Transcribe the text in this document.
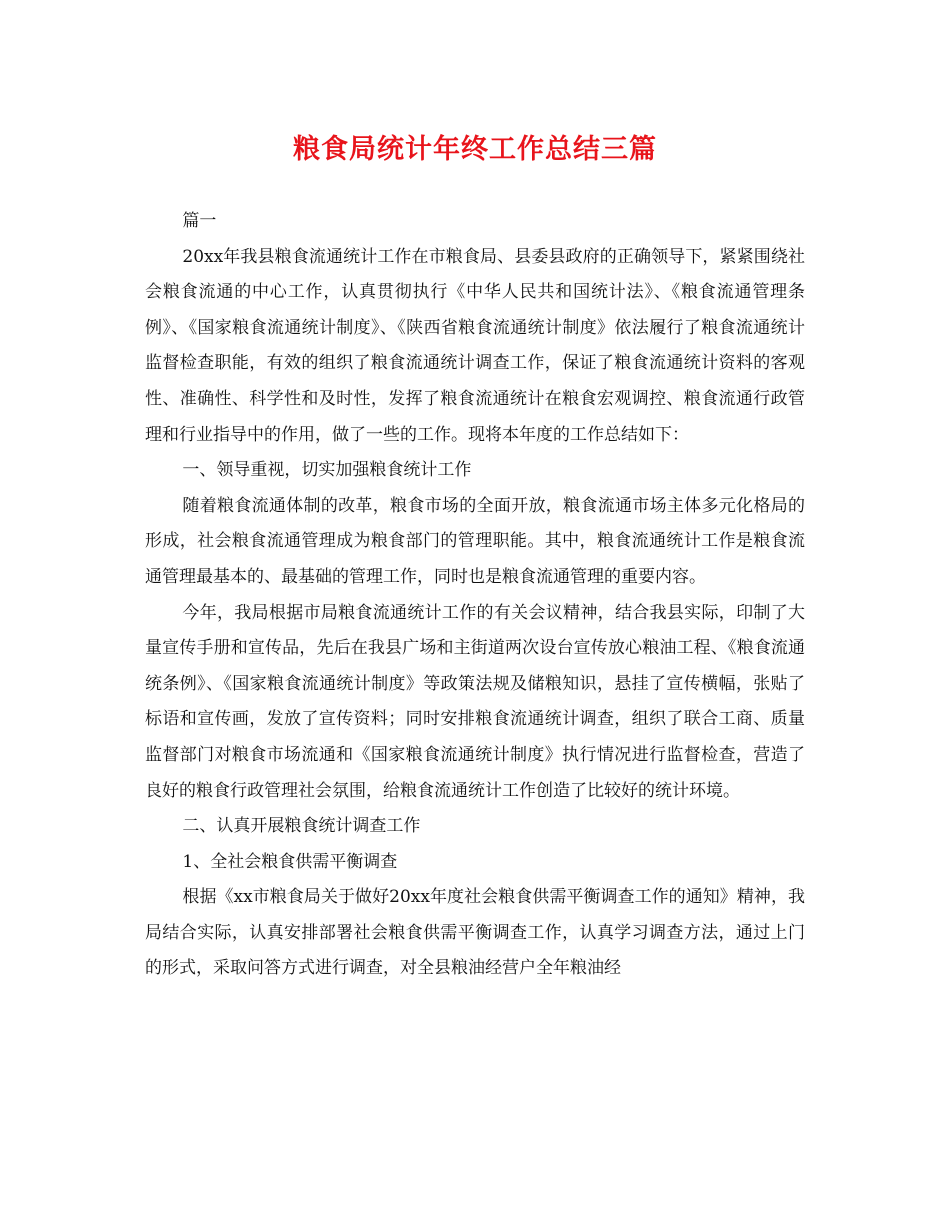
粮食局统计年终工作总结三篇

篇一

20xx年我县粮食流通统计工作在市粮食局、县委县政府的正确领导下，紧紧围绕社会粮食流通的中心工作，认真贯彻执行《中华人民共和国统计法》、《粮食流通管理条例》、《国家粮食流通统计制度》、《陕西省粮食流通统计制度》依法履行了粮食流通统计监督检查职能，有效的组织了粮食流通统计调查工作，保证了粮食流通统计资料的客观性、准确性、科学性和及时性，发挥了粮食流通统计在粮食宏观调控、粮食流通行政管理和行业指导中的作用，做了一些的工作。现将本年度的工作总结如下：

一、领导重视，切实加强粮食统计工作

随着粮食流通体制的改革，粮食市场的全面开放，粮食流通市场主体多元化格局的形成，社会粮食流通管理成为粮食部门的管理职能。其中，粮食流通统计工作是粮食流通管理最基本的、最基础的管理工作，同时也是粮食流通管理的重要内容。

今年，我局根据市局粮食流通统计工作的有关会议精神，结合我县实际，印制了大量宣传手册和宣传品，先后在我县广场和主街道两次设台宣传放心粮油工程、《粮食流通统条例》、《国家粮食流通统计制度》等政策法规及储粮知识，悬挂了宣传横幅，张贴了标语和宣传画，发放了宣传资料；同时安排粮食流通统计调查，组织了联合工商、质量监督部门对粮食市场流通和《国家粮食流通统计制度》执行情况进行监督检查，营造了良好的粮食行政管理社会氛围，给粮食流通统计工作创造了比较好的统计环境。

二、认真开展粮食统计调查工作

1、全社会粮食供需平衡调查

根据《xx市粮食局关于做好20xx年度社会粮食供需平衡调查工作的通知》精神，我局结合实际，认真安排部署社会粮食供需平衡调查工作，认真学习调查方法，通过上门的形式，采取问答方式进行调查，对全县粮油经营户全年粮油经
